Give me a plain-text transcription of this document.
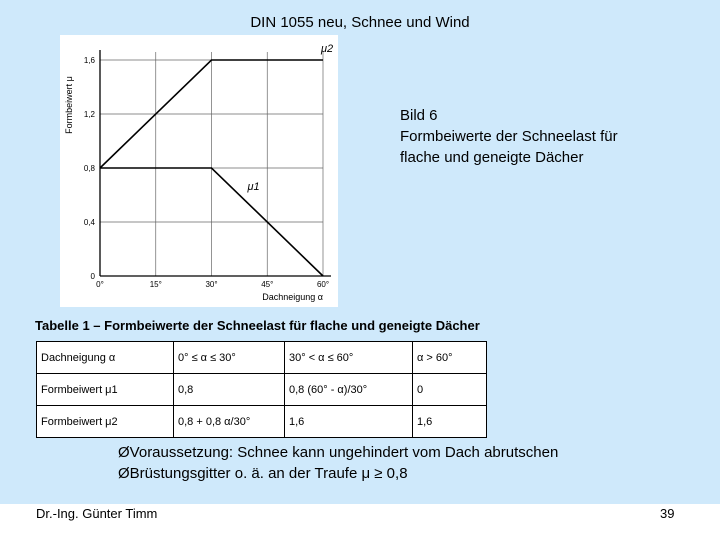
DIN 1055 neu, Schnee und Wind
0°	15°	30°	45°	60°
0
0,4
0,8
1,2
1,6
Dachneigung α
Formbeiwert μ
μ2
μ1
Bild 6
Formbeiwerte der Schneelast für
flache und geneigte Dächer
Tabelle 1 – Formbeiwerte der Schneelast für flache und geneigte Dächer
Dachneigung α	0° ≤ α ≤ 30°	30° < α ≤ 60°	α > 60°
Formbeiwert μ1	0,8	0,8 (60° - α)/30°	0
Formbeiwert μ2	0,8 + 0,8 α/30°	1,6	1,6
ØVoraussetzung: Schnee kann ungehindert vom Dach abrutschen
ØBrüstungsgitter o. ä. an der Traufe μ ≥ 0,8
Dr.-Ing. Günter Timm	39
